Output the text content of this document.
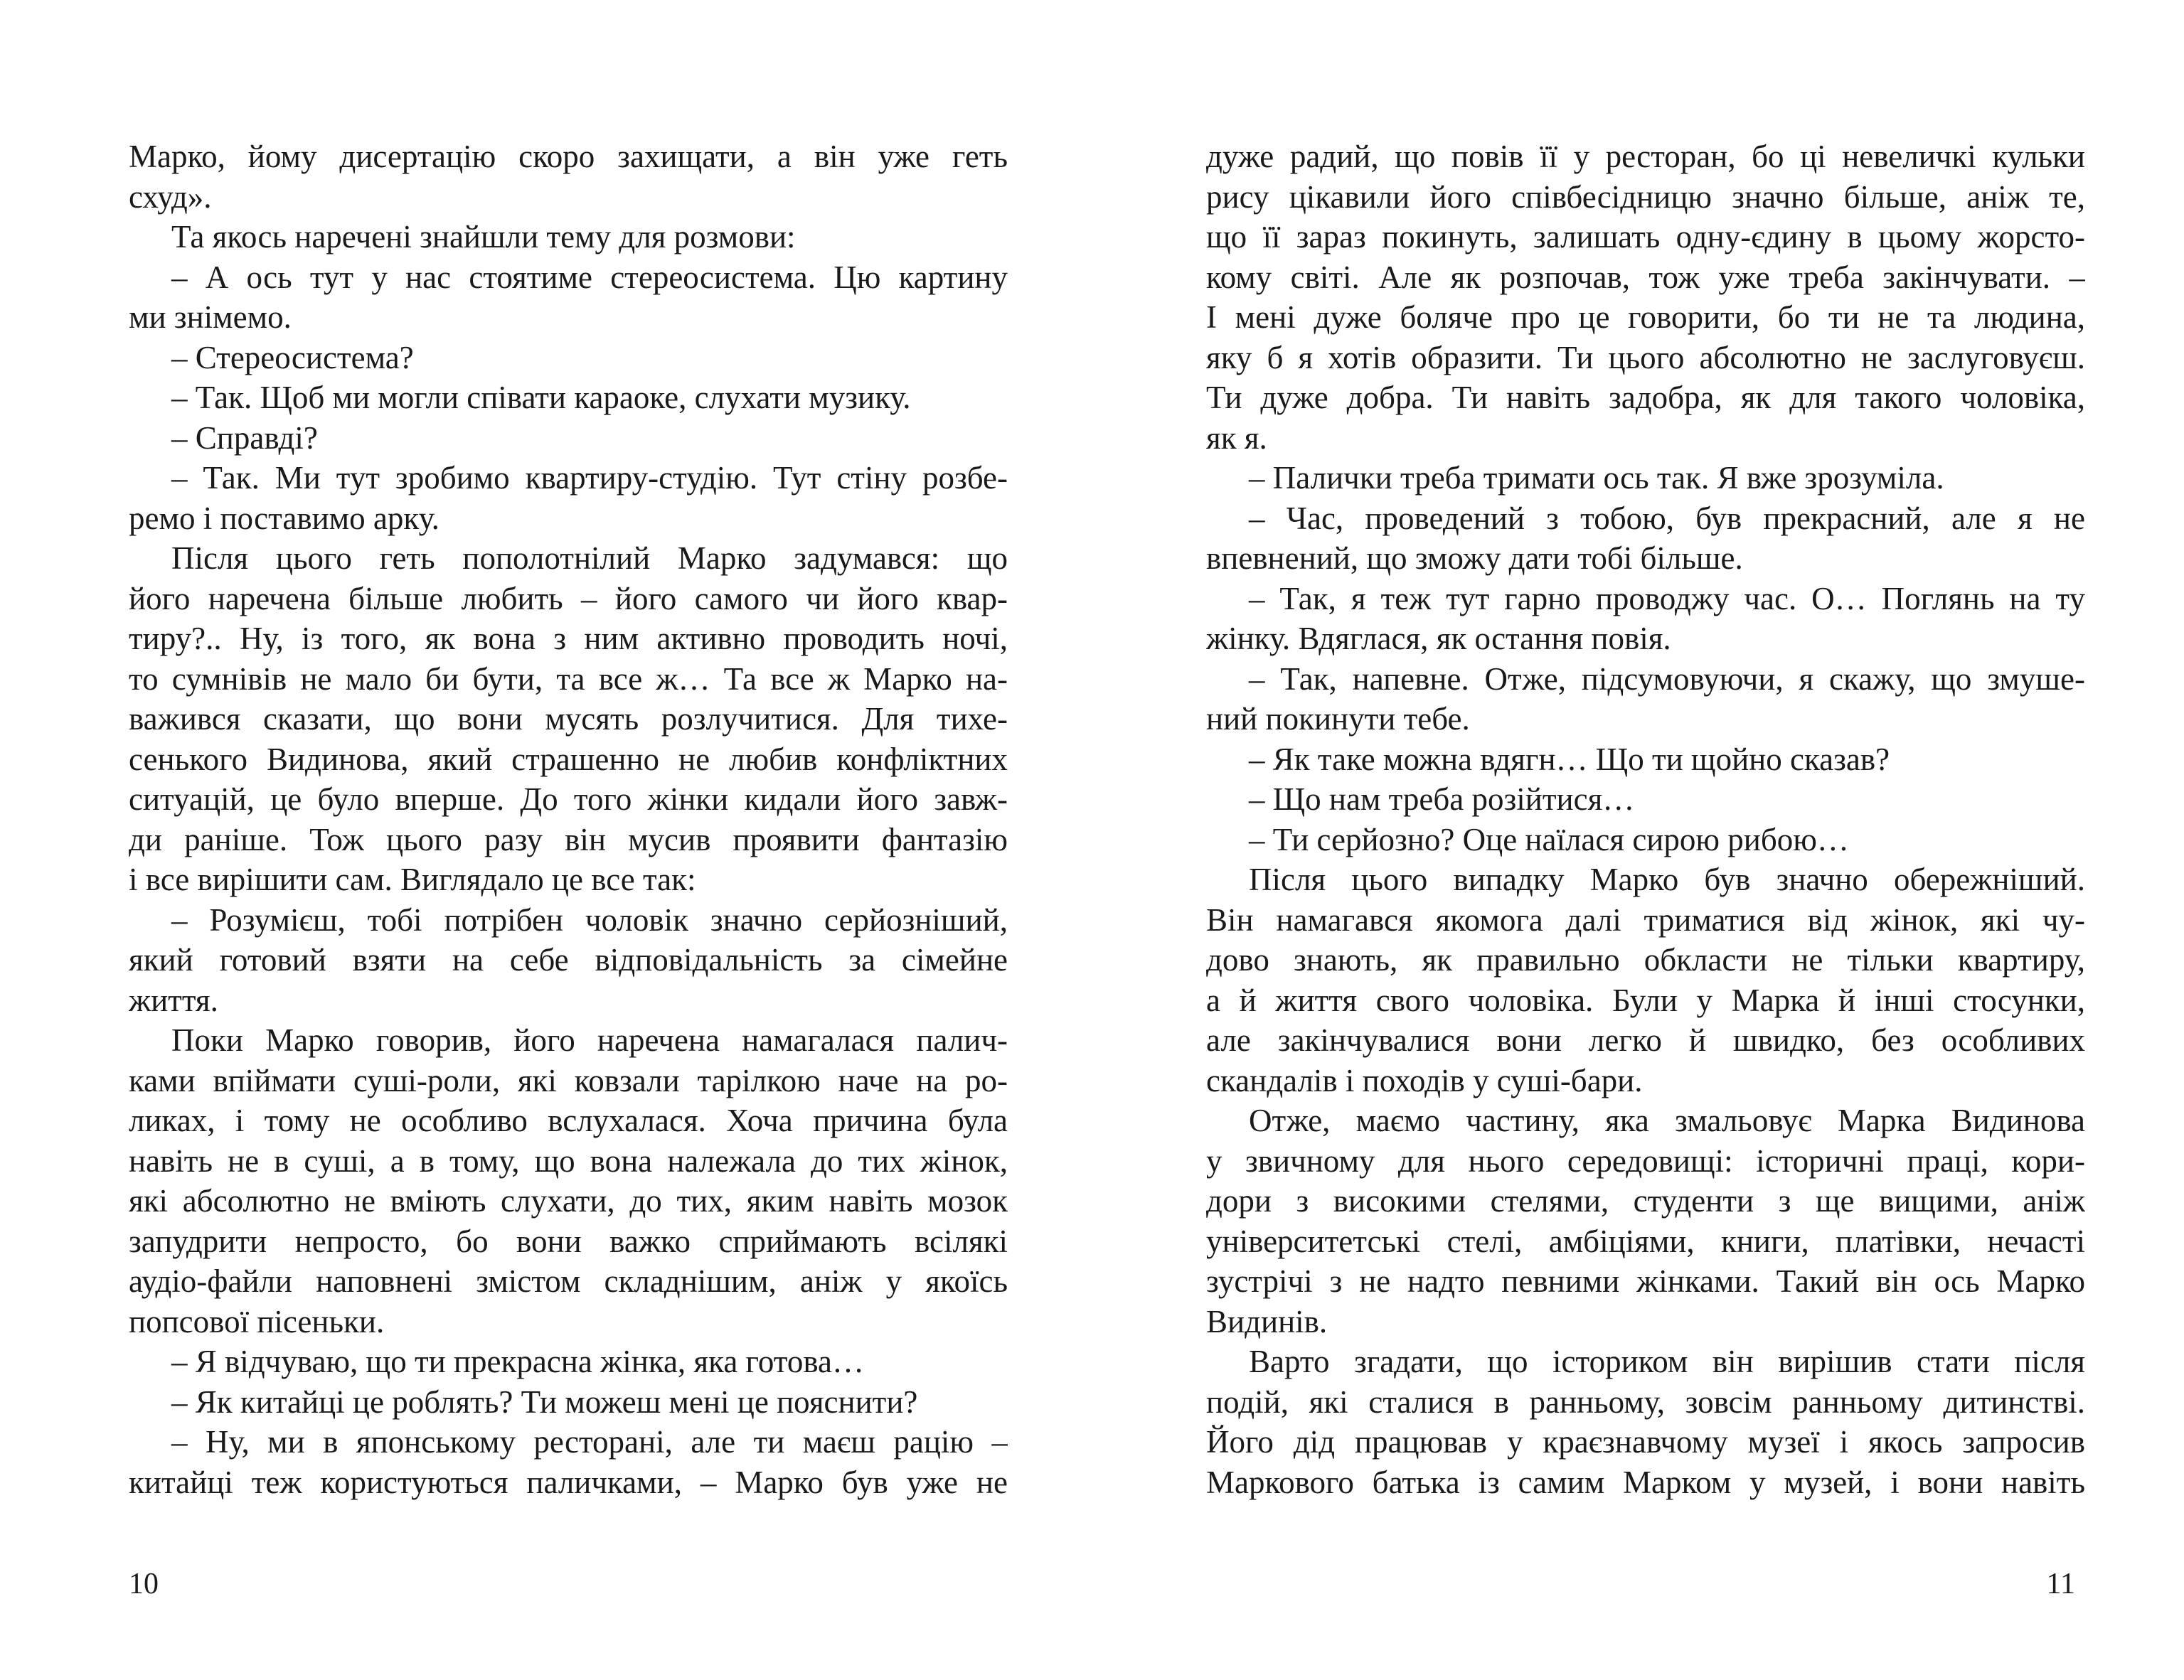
Марко, йому дисертацію скоро захищати, а він уже геть
схуд».
Та якось наречені знайшли тему для розмови:
– А ось тут у нас стоятиме стереосистема. Цю картину
ми знімемо.
– Стереосистема?
– Так. Щоб ми могли співати караоке, слухати музику.
– Справді?
– Так. Ми тут зробимо квартиру-студію. Тут стіну розбе-
ремо і поставимо арку.
Після цього геть пополотнілий Марко задумався: що
його наречена більше любить – його самого чи його квар-
тиру?.. Ну, із того, як вона з ним активно проводить ночі,
то сумнівів не мало би бути, та все ж… Та все ж Марко на-
важився сказати, що вони мусять розлучитися. Для тихе-
сенького Видинова, який страшенно не любив конфліктних
ситуацій, це було вперше. До того жінки кидали його завж-
ди раніше. Тож цього разу він мусив проявити фантазію
і все вирішити сам. Виглядало це все так:
– Розумієш, тобі потрібен чоловік значно серйозніший,
який готовий взяти на себе відповідальність за сімейне
життя.
Поки Марко говорив, його наречена намагалася палич-
ками впіймати суші-роли, які ковзали тарілкою наче на ро-
ликах, і тому не особливо вслухалася. Хоча причина була
навіть не в суші, а в тому, що вона належала до тих жінок,
які абсолютно не вміють слухати, до тих, яким навіть мозок
запудрити непросто, бо вони важко сприймають всілякі
аудіо-файли наповнені змістом складнішим, аніж у якоїсь
попсової пісеньки.
– Я відчуваю, що ти прекрасна жінка, яка готова…
– Як китайці це роблять? Ти можеш мені це пояснити?
– Ну, ми в японському ресторані, але ти маєш рацію –
китайці теж користуються паличками, – Марко був уже не
дуже радий, що повів її у ресторан, бо ці невеличкі кульки
рису цікавили його співбесідницю значно більше, аніж те,
що її зараз покинуть, залишать одну-єдину в цьому жорсто-
кому світі. Але як розпочав, тож уже треба закінчувати. –
І мені дуже боляче про це говорити, бо ти не та людина,
яку б я хотів образити. Ти цього абсолютно не заслуговуєш.
Ти дуже добра. Ти навіть задобра, як для такого чоловіка,
як я.
– Палички треба тримати ось так. Я вже зрозуміла.
– Час, проведений з тобою, був прекрасний, але я не
впевнений, що зможу дати тобі більше.
– Так, я теж тут гарно проводжу час. О… Поглянь на ту
жінку. Вдяглася, як остання повія.
– Так, напевне. Отже, підсумовуючи, я скажу, що змуше-
ний покинути тебе.
– Як таке можна вдягн… Що ти щойно сказав?
– Що нам треба розійтися…
– Ти серйозно? Оце наїлася сирою рибою…
Після цього випадку Марко був значно обережніший.
Він намагався якомога далі триматися від жінок, які чу-
дово знають, як правильно обкласти не тільки квартиру,
а й життя свого чоловіка. Були у Марка й інші стосунки,
але закінчувалися вони легко й швидко, без особливих
скандалів і походів у суші-бари.
Отже, маємо частину, яка змальовує Марка Видинова
у звичному для нього середовищі: історичні праці, кори-
дори з високими стелями, студенти з ще вищими, аніж
університетські стелі, амбіціями, книги, платівки, нечасті
зустрічі з не надто певними жінками. Такий він ось Марко
Видинів.
Варто згадати, що істориком він вирішив стати після
подій, які сталися в ранньому, зовсім ранньому дитинстві.
Його дід працював у краєзнавчому музеї і якось запросив
Маркового батька із самим Марком у музей, і вони навіть
10	11
